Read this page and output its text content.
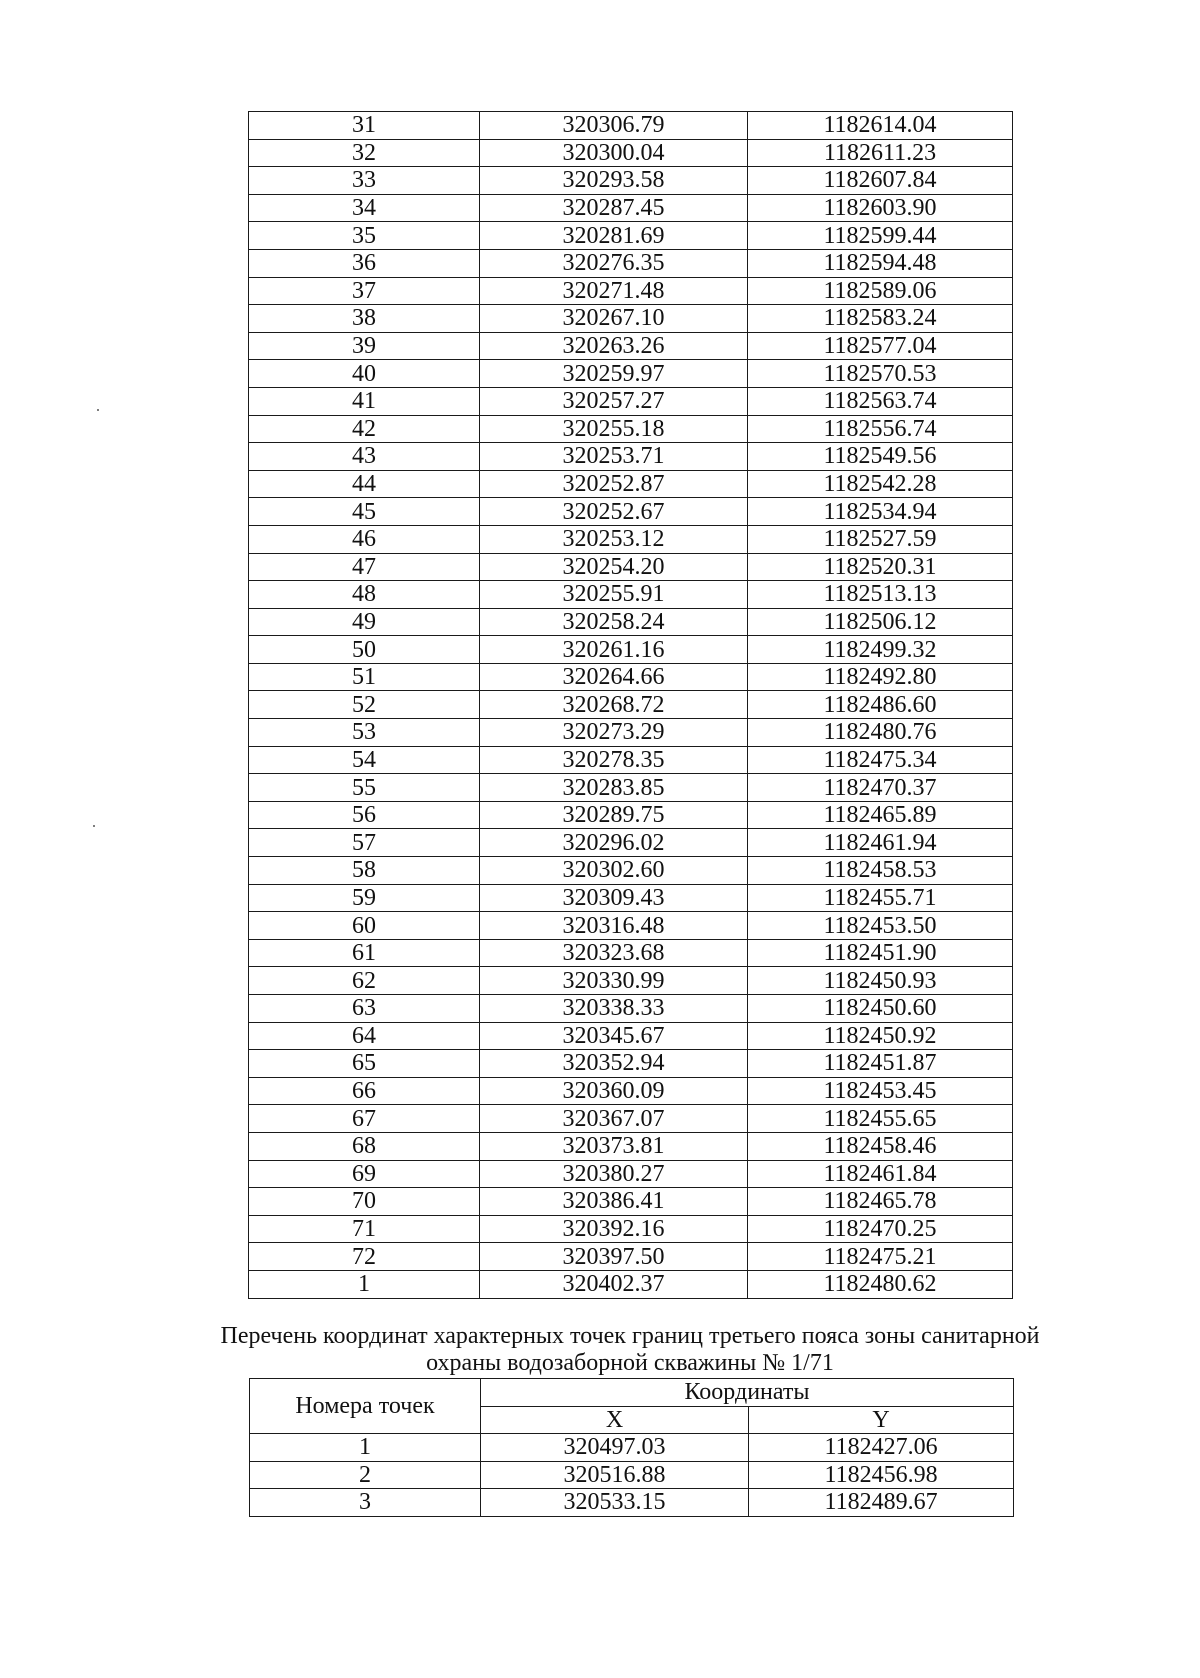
31	320306.79	1182614.04
32	320300.04	1182611.23
33	320293.58	1182607.84
34	320287.45	1182603.90
35	320281.69	1182599.44
36	320276.35	1182594.48
37	320271.48	1182589.06
38	320267.10	1182583.24
39	320263.26	1182577.04
40	320259.97	1182570.53
41	320257.27	1182563.74
42	320255.18	1182556.74
43	320253.71	1182549.56
44	320252.87	1182542.28
45	320252.67	1182534.94
46	320253.12	1182527.59
47	320254.20	1182520.31
48	320255.91	1182513.13
49	320258.24	1182506.12
50	320261.16	1182499.32
51	320264.66	1182492.80
52	320268.72	1182486.60
53	320273.29	1182480.76
54	320278.35	1182475.34
55	320283.85	1182470.37
56	320289.75	1182465.89
57	320296.02	1182461.94
58	320302.60	1182458.53
59	320309.43	1182455.71
60	320316.48	1182453.50
61	320323.68	1182451.90
62	320330.99	1182450.93
63	320338.33	1182450.60
64	320345.67	1182450.92
65	320352.94	1182451.87
66	320360.09	1182453.45
67	320367.07	1182455.65
68	320373.81	1182458.46
69	320380.27	1182461.84
70	320386.41	1182465.78
71	320392.16	1182470.25
72	320397.50	1182475.21
1	320402.37	1182480.62
Перечень координат характерных точек границ третьего пояса зоны санитарной
охраны водозаборной скважины № 1/71
Номера точек	Координаты	
	X	Y
1	320497.03	1182427.06
2	320516.88	1182456.98
3	320533.15	1182489.67
